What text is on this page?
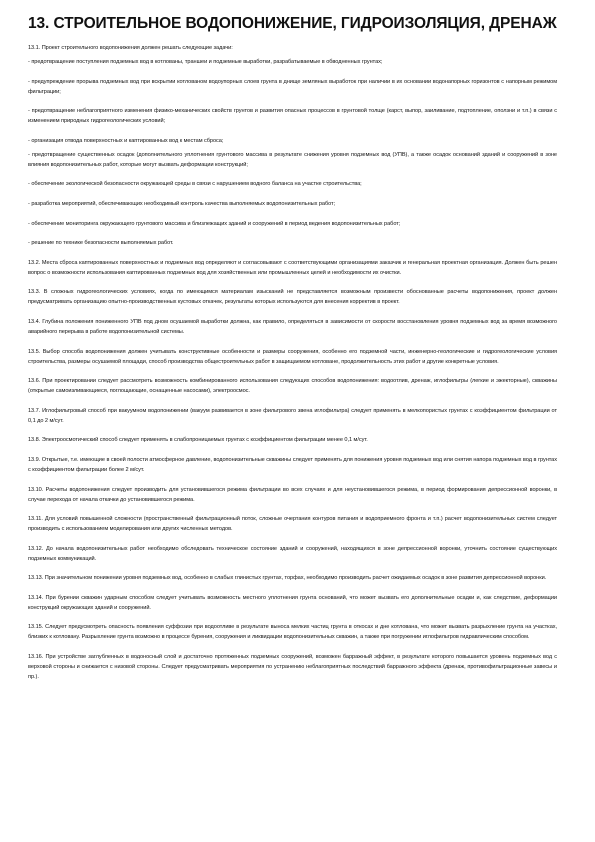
13. СТРОИТЕЛЬНОЕ ВОДОПОНИЖЕНИЕ, ГИДРОИЗОЛЯЦИЯ, ДРЕНАЖ

13.1. Проект строительного водопонижения должен решать следующие задачи:

- предотвращение поступления подземных вод в котлованы, траншеи и подземные выработки, разрабатываемые в обводненных грунтах;

- предупреждение прорыва подземных вод при вскрытии котлованом водоупорных слоев грунта в днище земляных выработок при наличии в их основании водонапорных горизонтов с напорным режимом фильтрации;

- предотвращение неблагоприятного изменения физико-механических свойств грунтов и развития опасных процессов в грунтовой толще (карст, выпор, заиливание, подтопление, оползни и т.п.) в связи с изменением природных гидрогеологических условий;

- организация отвода поверхностных и каптированных вод к местам сброса;

- предотвращение существенных осадок (дополнительного уплотнения грунтового массива в результате снижения уровня подземных вод (УПВ), а также осадок оснований зданий и сооружений в зоне влияния водопонизительных работ, которые могут вызвать деформации конструкций;

- обеспечение экологической безопасности окружающей среды в связи с нарушением водного баланса на участке строительства;

- разработка мероприятий, обеспечивающих необходимый контроль качества выполняемых водопонизительных работ;

- обеспечение мониторинга окружающего грунтового массива и близлежащих зданий и сооружений в период ведения водопонизительных работ;

- решение по технике безопасности выполняемых работ.

13.2. Места сброса каптированных поверхностных и подземных вод определяют и согласовывают с соответствующими организациями заказчик и генеральная проектная организация. Должен быть решен вопрос о возможности использования каптированных подземных вод для хозяйственных или промышленных целей и необходимости их очистки.

13.3. В сложных гидрогеологических условиях, когда по имеющимся материалам изысканий не представляется возможным произвести обоснованные расчеты водопонижения, проект должен предусматривать организацию опытно-производственных кустовых откачек, результаты которых используются для внесения корректив в проект.

13.4. Глубина положения пониженного УПВ под дном осушаемой выработки должна, как правило, определяться в зависимости от скорости восстановления уровня подземных вод за время возможного аварийного перерыва в работе водопонизительной системы.

13.5. Выбор способа водопонижения должен учитывать конструктивные особенности и размеры сооружения, особенно его подземной части, инженерно-геологические и гидрогеологические условия строительства, размеры осушаемой площади, способ производства общестроительных работ в защищаемом котловане, продолжительность этих работ и другие конкретные условия.

13.6. При проектировании следует рассмотреть возможность комбинированного использования следующих способов водопонижения: водоотлив, дренаж, иглофильтры (легкие и эжекторные), скважины (открытые самоизливающиеся, поглощающие, оснащенные насосами), электроосмос.

13.7. Иглофильтровый способ при вакуумном водопонижении (вакуум развивается в зоне фильтрового звена иглофильтра) следует применять в мелкопористых грунтах с коэффициентом фильтрации от 0,1 до 2 м/сут.

13.8. Электроосмотический способ следует применять в слабопроницаемых грунтах с коэффициентом фильтрации менее 0,1 м/сут.

13.9. Открытые, т.е. имеющие в своей полости атмосферное давление, водопонизительные скважины следует применять для понижения уровня подземных вод или снятия напора подземных вод в грунтах с коэффициентом фильтрации более 2 м/сут.

13.10. Расчеты водопонижения следует производить для установившегося режима фильтрации во всех случаях и для неустановившегося режима, в период формирования депрессионной воронки, в случае перехода от начала откачки до установившегося режима.

13.11. Для условий повышенной сложности (пространственный фильтрационный поток, сложные очертания контуров питания и водоприемного фронта и т.п.) расчет водопонизительных систем следует производить с использованием моделирования или других численных методов.

13.12. До начала водопонизительных работ необходимо обследовать техническое состояние зданий и сооружений, находящихся в зоне депрессионной воронки, уточнить состояние существующих подземных коммуникаций.

13.13. При значительном понижении уровня подземных вод, особенно в слабых глинистых грунтах, торфах, необходимо производить расчет ожидаемых осадок в зоне развития депрессионной воронки.

13.14. При бурении скважин ударным способом следует учитывать возможность местного уплотнения грунта оснований, что может вызвать его дополнительные осадки и, как следствие, деформации конструкций окружающих зданий и сооружений.

13.15. Следует предусмотреть опасность появления суффозии при водоотливе в результате выноса мелких частиц грунта в откосах и дне котлована, что может вызвать разрыхление грунта на участках, близких к котловану. Разрыхление грунта возможно в процессе бурения, сооружения и ликвидации водопонизительных скважин, а также при погружении иглофильтров гидравлическим способом.

13.16. При устройстве заглубленных в водоносный слой и достаточно протяженных подземных сооружений, возможен барражный эффект, в результате которого повышается уровень подземных вод с верховой стороны и снижается с низовой стороны. Следует предусматривать мероприятия по устранению неблагоприятных последствий барражного эффекта (дренаж, противофильтрационные завесы и пр.).
